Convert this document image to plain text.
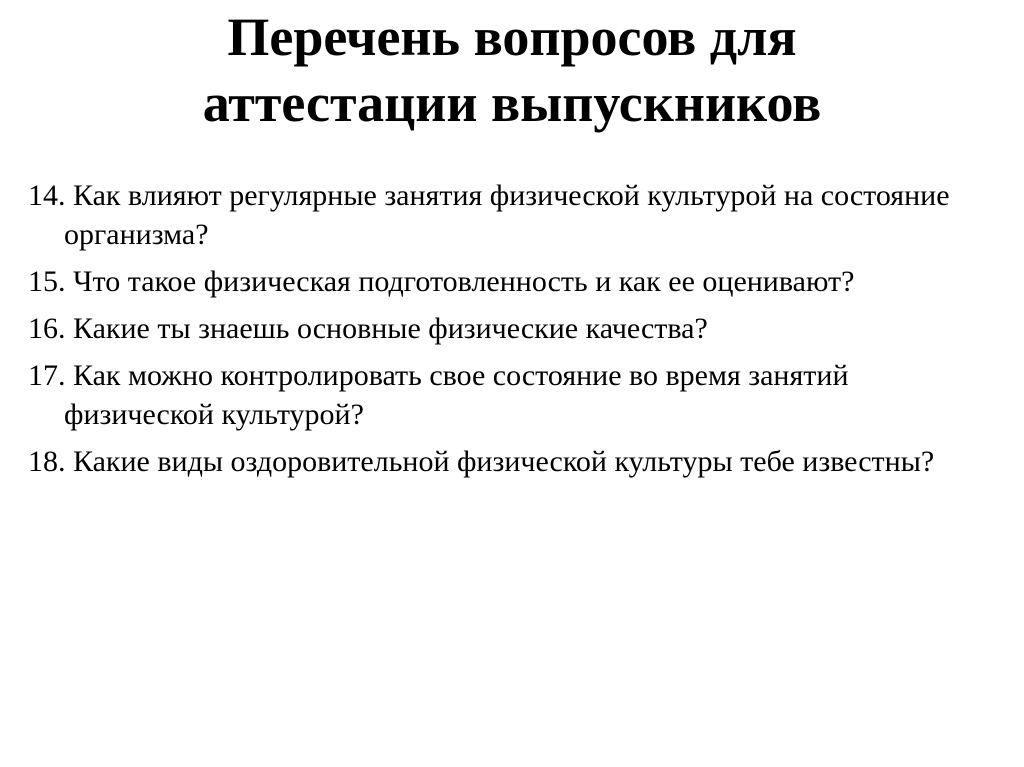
Перечень вопросов для
аттестации выпускников
14. Как влияют регулярные занятия физической культурой на состояние организма?
15. Что такое физическая подготовленность и как ее оценивают?
16. Какие ты знаешь основные физические качества?
17. Как можно контролировать свое состояние во время занятий физической культурой?
18. Какие виды оздоровительной физической культуры тебе известны?
